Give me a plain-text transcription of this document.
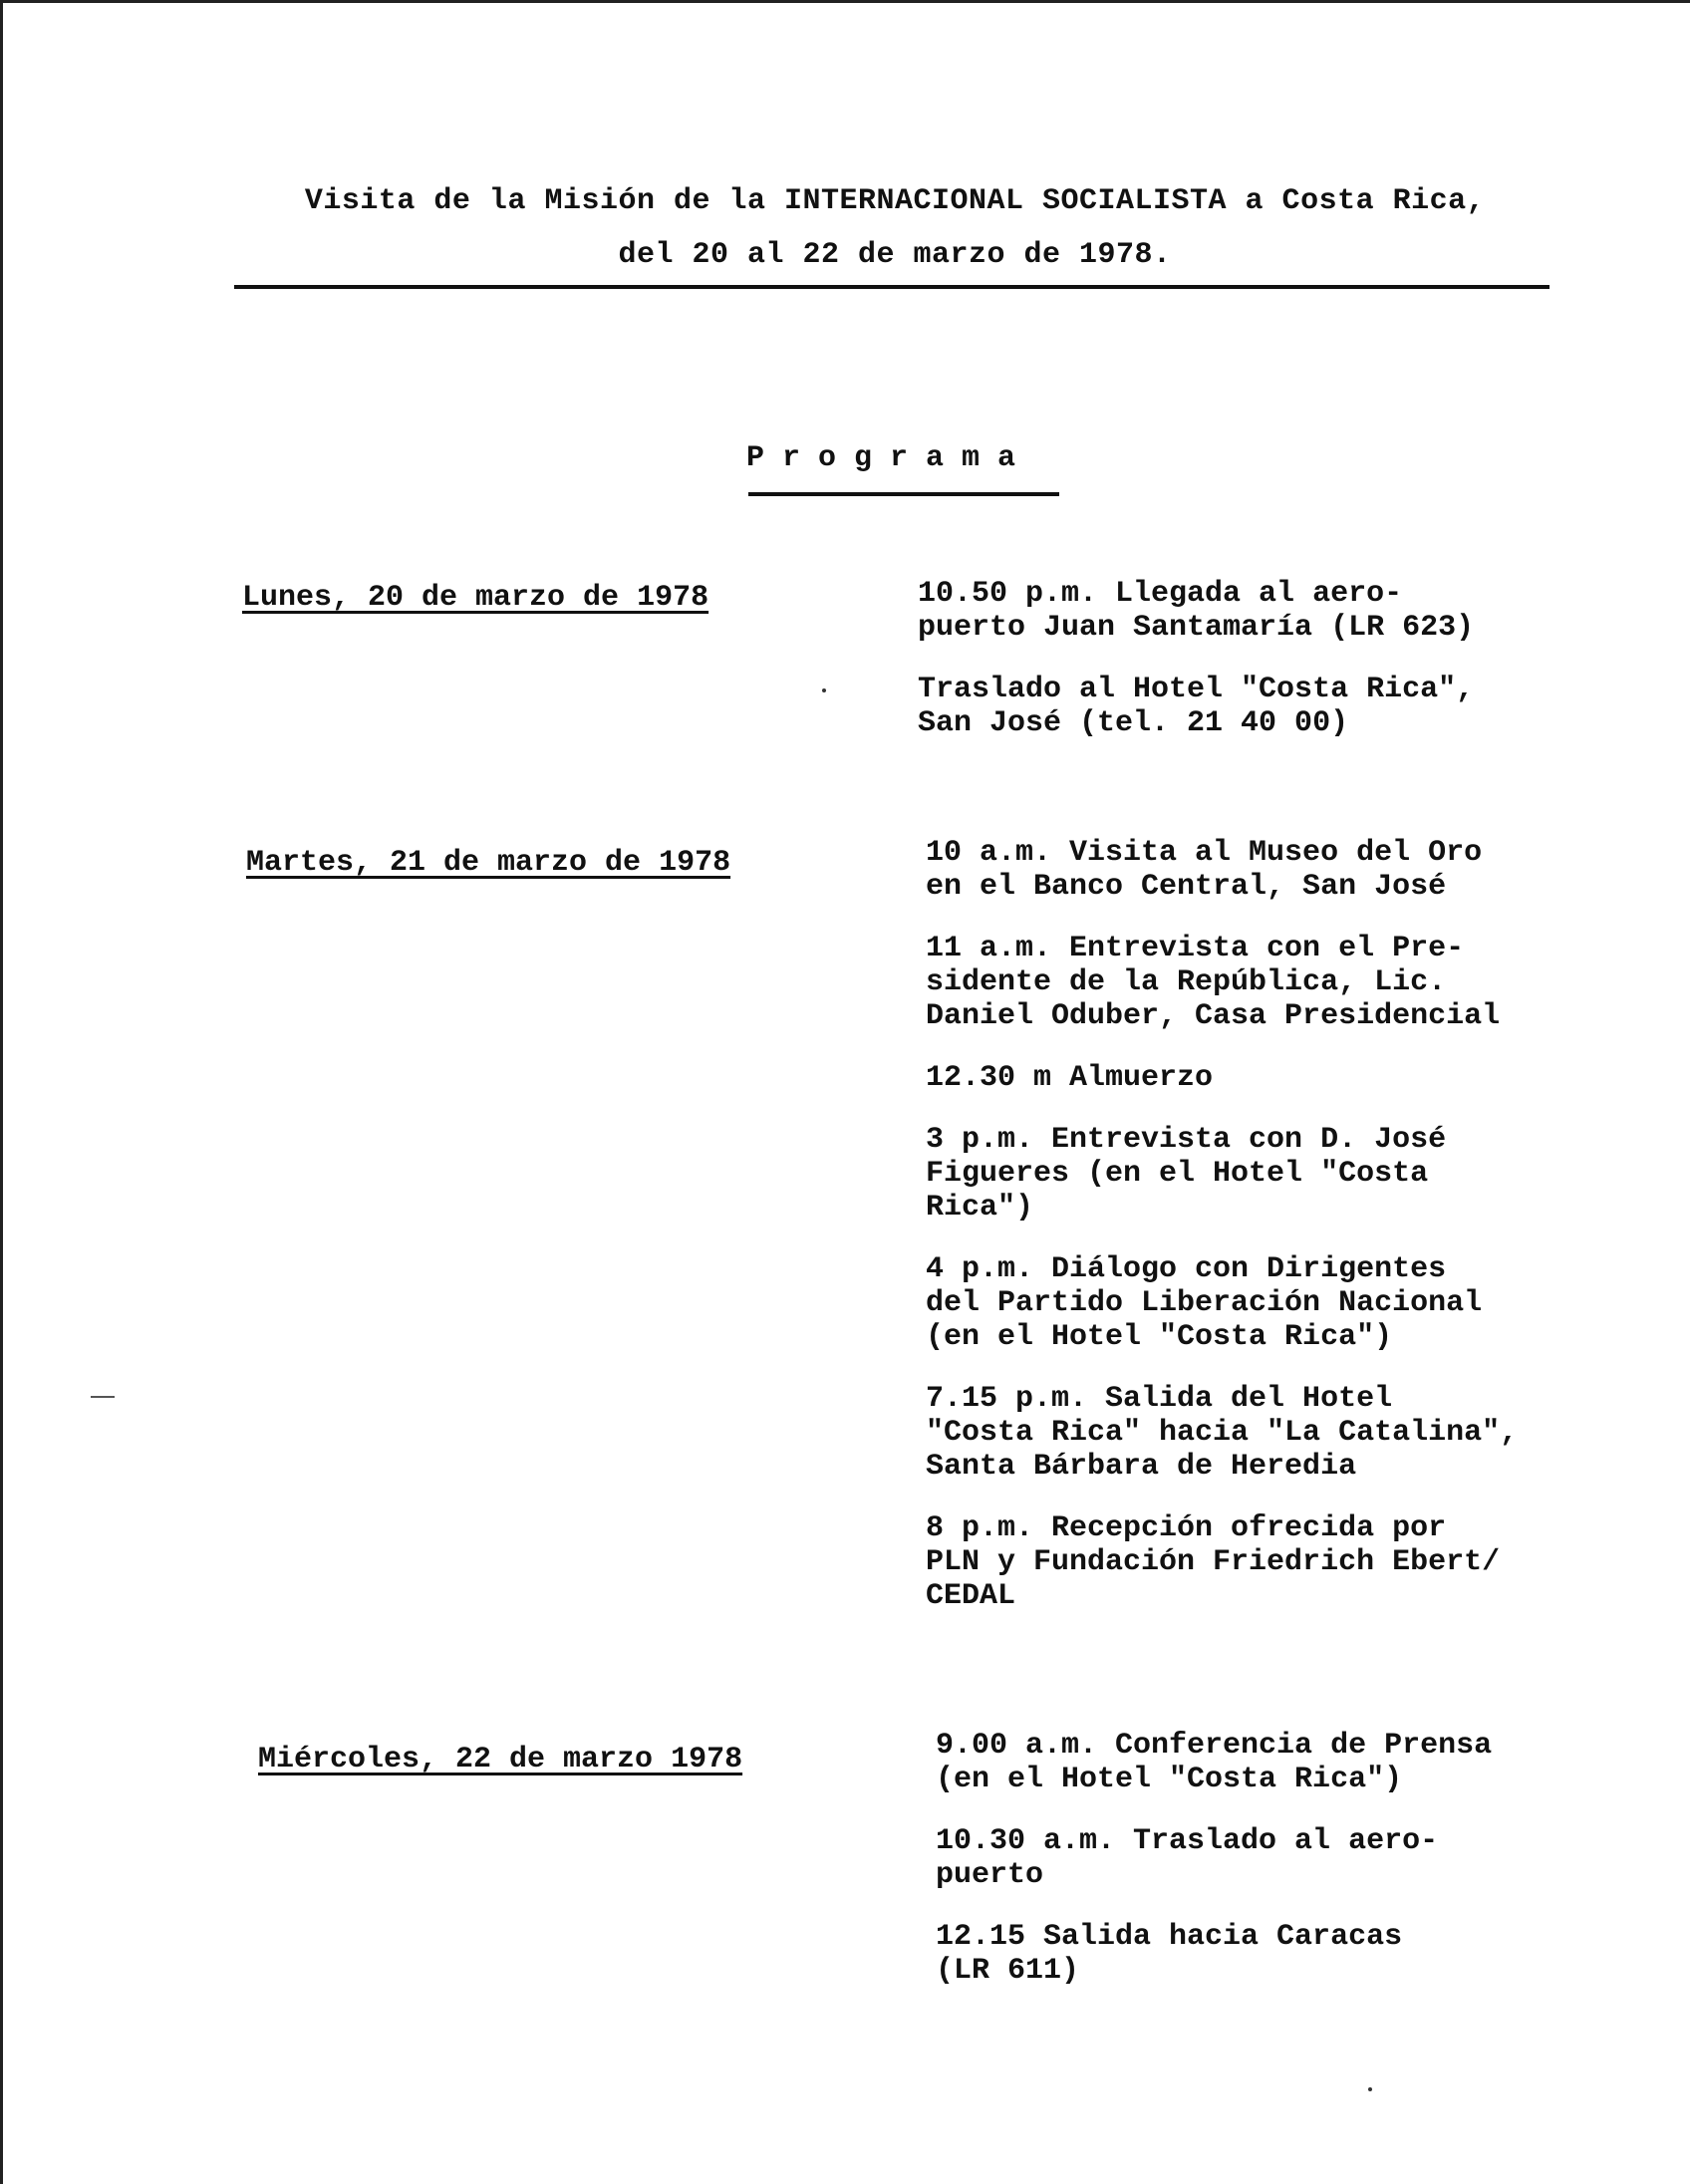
Visita de la Misión de la INTERNACIONAL SOCIALISTA a Costa Rica,
del 20 al 22 de marzo de 1978.
Programa
Lunes, 20 de marzo de 1978	10.50 p.m. Llegada al aero-
puerto Juan Santamaría (LR 623)
Traslado al Hotel "Costa Rica",
San José (tel. 21 40 00)
Martes, 21 de marzo de 1978	10 a.m. Visita al Museo del Oro
en el Banco Central, San José
11 a.m. Entrevista con el Pre-
sidente de la República, Lic.
Daniel Oduber, Casa Presidencial
12.30 m Almuerzo
3 p.m. Entrevista con D. José
Figueres (en el Hotel "Costa
Rica")
4 p.m. Diálogo con Dirigentes
del Partido Liberación Nacional
(en el Hotel "Costa Rica")
7.15 p.m. Salida del Hotel
"Costa Rica" hacia "La Catalina",
Santa Bárbara de Heredia
8 p.m. Recepción ofrecida por
PLN y Fundación Friedrich Ebert/
CEDAL
Miércoles, 22 de marzo 1978	9.00 a.m. Conferencia de Prensa
(en el Hotel "Costa Rica")
10.30 a.m. Traslado al aero-
puerto
12.15 Salida hacia Caracas
(LR 611)
